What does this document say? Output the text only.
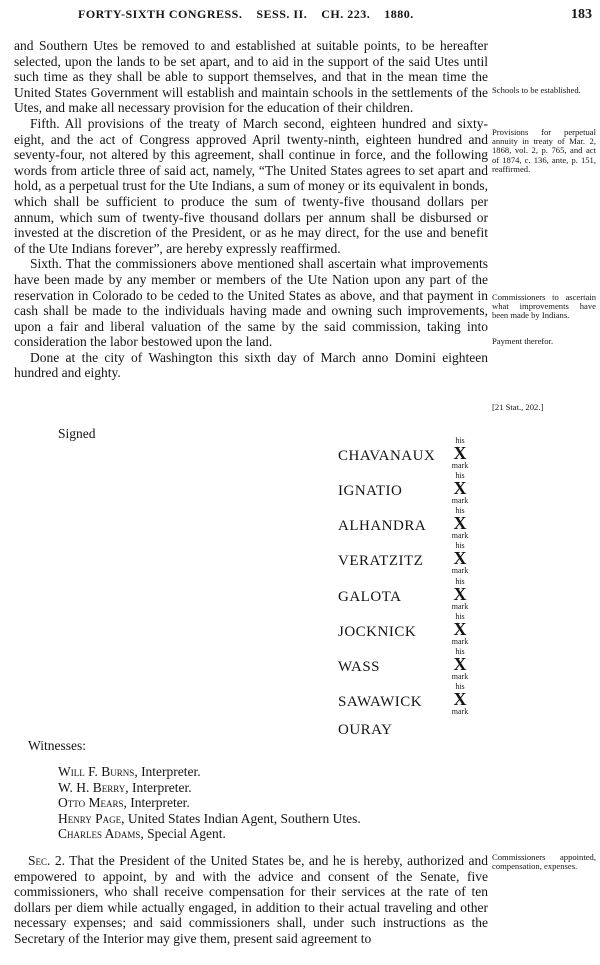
FORTY-SIXTH CONGRESS.    SESS. II.    CH. 223.    1880.	183

and Southern Utes be removed to and established at suitable points, to be hereafter selected, upon the lands to be set apart, and to aid in the support of the said Utes until such time as they shall be able to support themselves, and that in the mean time the United States Government will establish and maintain schools in the settlements of the Utes, and make all necessary provision for the education of their children.

Fifth. All provisions of the treaty of March second, eighteen hundred and sixty-eight, and the act of Congress approved April twenty-ninth, eighteen hundred and seventy-four, not altered by this agreement, shall continue in force, and the following words from article three of said act, namely, “The United States agrees to set apart and hold, as a perpetual trust for the Ute Indians, a sum of money or its equivalent in bonds, which shall be sufficient to produce the sum of twenty-five thousand dollars per annum, which sum of twenty-five thousand dollars per annum shall be disbursed or invested at the discretion of the President, or as he may direct, for the use and benefit of the Ute Indians forever”, are hereby expressly reaffirmed.

Sixth. That the commissioners above mentioned shall ascertain what improvements have been made by any member or members of the Ute Nation upon any part of the reservation in Colorado to be ceded to the United States as above, and that payment in cash shall be made to the individuals having made and owning such improvements, upon a fair and liberal valuation of the same by the said commission, taking into consideration the labor bestowed upon the land.

Done at the city of Washington this sixth day of March anno Domini eighteen hundred and eighty.

Signed
CHAVANAUX
his
X
mark
IGNATIO
his
X
mark
ALHANDRA
his
X
mark
VERATZITZ
his
X
mark
GALOTA
his
X
mark
JOCKNICK
his
X
mark
WASS
his
X
mark
SAWAWICK
his
X
mark
OURAY
Witnesses:
Will F. Burns, Interpreter.
W. H. Berry, Interpreter.
Otto Mears, Interpreter.
Henry Page, United States Indian Agent, Southern Utes.
Charles Adams, Special Agent.

Sec. 2. That the President of the United States be, and he is hereby, authorized and empowered to appoint, by and with the advice and consent of the Senate, five commissioners, who shall receive compensation for their services at the rate of ten dollars per diem while actually engaged, in addition to their actual traveling and other necessary expenses; and said commissioners shall, under such instructions as the Secretary of the Interior may give them, present said agreement to

Schools to be established.
Provisions for perpetual annuity in treaty of Mar. 2, 1868, vol. 2, p. 765, and act of 1874, c. 136, ante, p. 151, reaffirmed.
Commissioners to ascertain what improvements have been made by Indians.
Payment therefor.
[21 Stat., 202.]
Commissioners appointed, compensation, expenses.
